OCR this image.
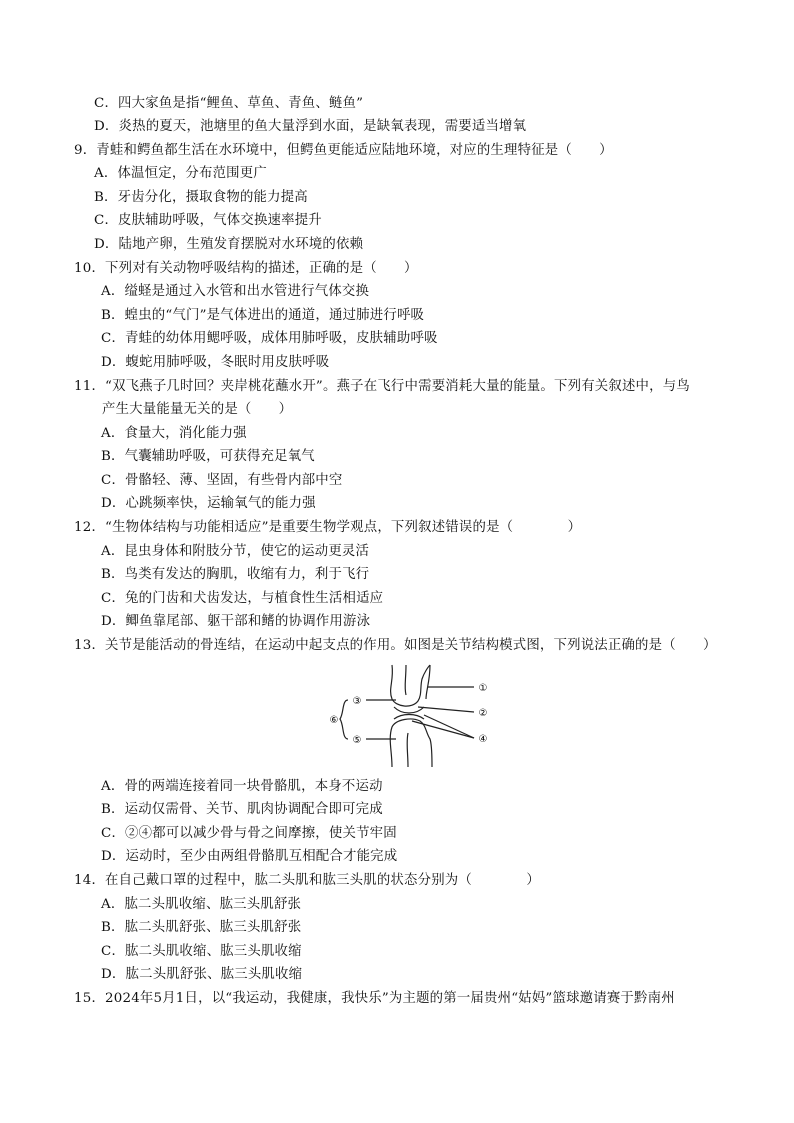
C．四大家鱼是指“鲤鱼、草鱼、青鱼、鲢鱼”
D．炎热的夏天，池塘里的鱼大量浮到水面，是缺氧表现，需要适当增氧
9．青蛙和鳄鱼都生活在水环境中，但鳄鱼更能适应陆地环境，对应的生理特征是（　　）
A．体温恒定，分布范围更广
B．牙齿分化，摄取食物的能力提高
C．皮肤辅助呼吸，气体交换速率提升
D．陆地产卵，生殖发育摆脱对水环境的依赖
10．下列对有关动物呼吸结构的描述，正确的是（　　）
A．缢蛏是通过入水管和出水管进行气体交换
B．蝗虫的“气门”是气体进出的通道，通过肺进行呼吸
C．青蛙的幼体用鳃呼吸，成体用肺呼吸，皮肤辅助呼吸
D．蝮蛇用肺呼吸，冬眠时用皮肤呼吸
11．“双飞燕子几时回？夹岸桃花蘸水开”。燕子在飞行中需要消耗大量的能量。下列有关叙述中，与鸟
产生大量能量无关的是（　　）
A．食量大，消化能力强
B．气囊辅助呼吸，可获得充足氧气
C．骨骼轻、薄、坚固，有些骨内部中空
D．心跳频率快，运输氧气的能力强
12．“生物体结构与功能相适应”是重要生物学观点，下列叙述错误的是（　　　　）
A．昆虫身体和附肢分节，使它的运动更灵活
B．鸟类有发达的胸肌，收缩有力，利于飞行
C．兔的门齿和犬齿发达，与植食性生活相适应
D．鲫鱼靠尾部、躯干部和鳍的协调作用游泳
13．关节是能活动的骨连结，在运动中起支点的作用。如图是关节结构模式图，下列说法正确的是（　　）
③
⑤
⑥
①
②
④
A．骨的两端连接着同一块骨骼肌，本身不运动
B．运动仅需骨、关节、肌肉协调配合即可完成
C．②④都可以减少骨与骨之间摩擦，使关节牢固
D．运动时，至少由两组骨骼肌互相配合才能完成
14．在自己戴口罩的过程中，肱二头肌和肱三头肌的状态分别为（　　　　）
A．肱二头肌收缩、肱三头肌舒张
B．肱二头肌舒张、肱三头肌舒张
C．肱二头肌收缩、肱三头肌收缩
D．肱二头肌舒张、肱三头肌收缩
15．2024年5月1日，以“我运动，我健康，我快乐”为主题的第一届贵州“姑妈”篮球邀请赛于黔南州
